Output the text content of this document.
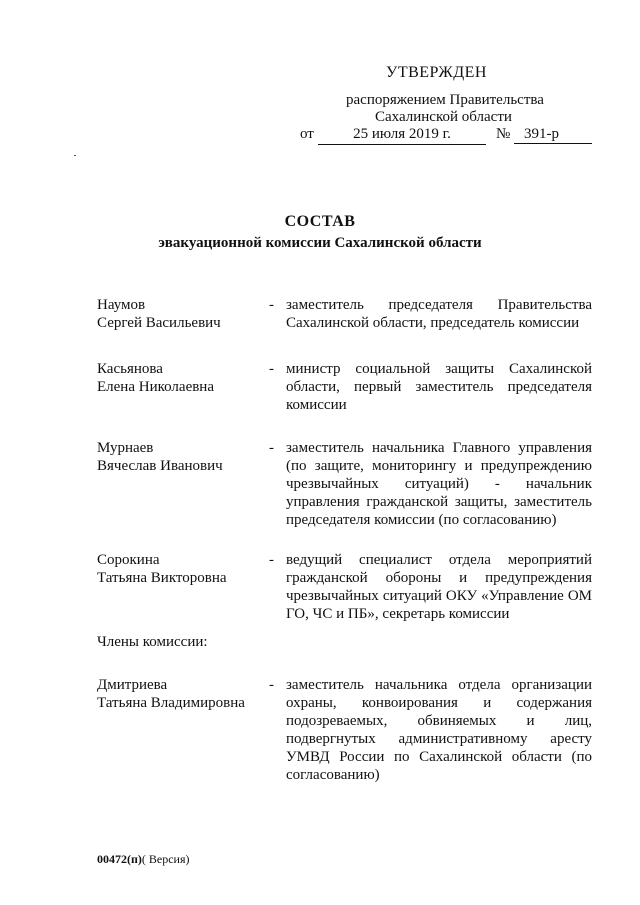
УТВЕРЖДЕН
распоряжением Правительства
Сахалинской области
от	25 июля 2019 г.	№ 391-р
СОСТАВ
эвакуационной комиссии Сахалинской области
Наумов
Сергей Васильевич
- заместитель председателя Правительства Сахалинской области, председатель комиссии
Касьянова
Елена Николаевна
- министр социальной защиты Сахалинской области, первый заместитель председателя комиссии
Мурнаев
Вячеслав Иванович
- заместитель начальника Главного управления (по защите, мониторингу и предупреждению чрезвычайных ситуаций) - начальник управления гражданской защиты, заместитель председателя комиссии (по согласованию)
Сорокина
Татьяна Викторовна
- ведущий специалист отдела мероприятий гражданской обороны и предупреждения чрезвычайных ситуаций ОКУ «Управление ОМ ГО, ЧС и ПБ», секретарь комиссии
Члены комиссии:
Дмитриева
Татьяна Владимировна
- заместитель начальника отдела организации охраны, конвоирования и содержания подозреваемых, обвиняемых и лиц, подвергнутых административному аресту УМВД России по Сахалинской области (по согласованию)
00472(п)( Версия)
